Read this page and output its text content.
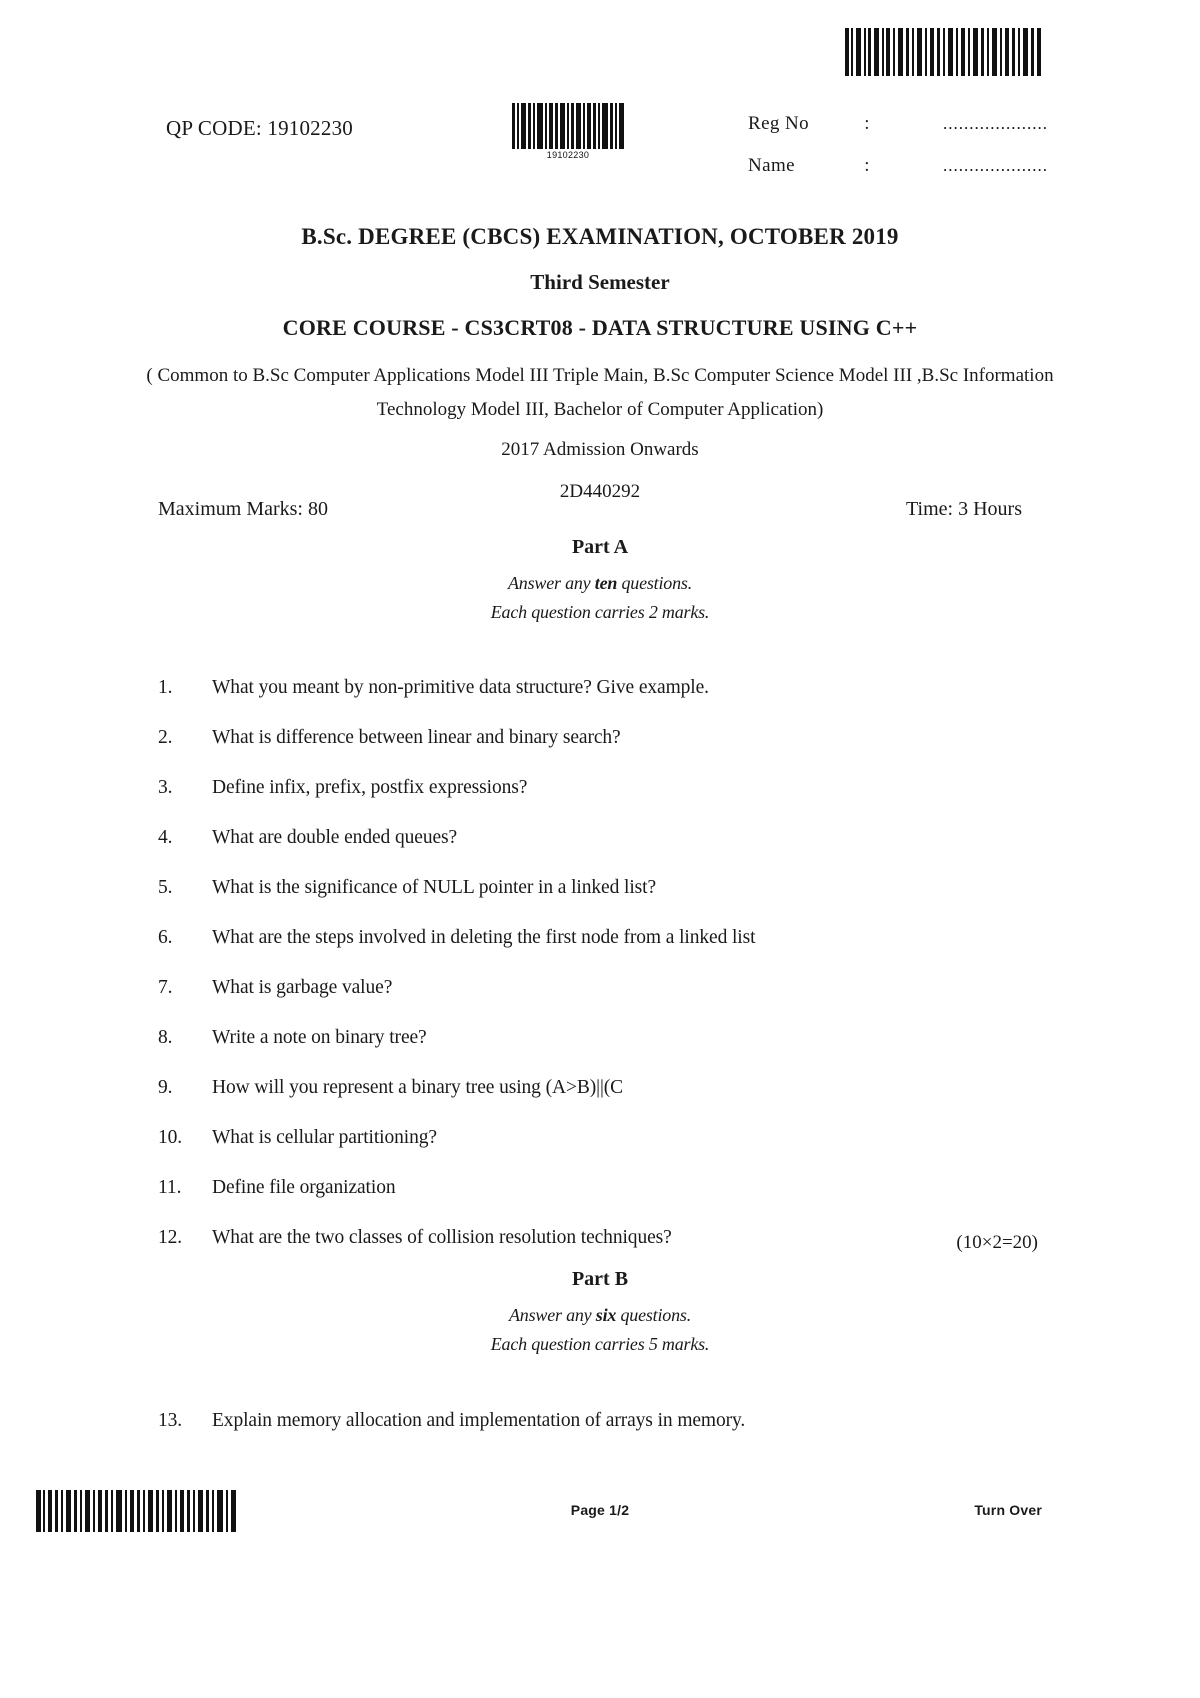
19102230
QP CODE: 19102230	Reg No	:	....................
Name	:	....................
B.Sc. DEGREE (CBCS) EXAMINATION, OCTOBER 2019
Third Semester
CORE COURSE - CS3CRT08 - DATA STRUCTURE USING C++
( Common to B.Sc Computer Applications Model III Triple Main, B.Sc Computer Science Model III ,B.Sc Information Technology Model III, Bachelor of Computer Application)
2017 Admission Onwards
2D440292
Maximum Marks: 80	Time: 3 Hours
Part A
Answer any ten questions.
Each question carries 2 marks.
1.	What you meant by non-primitive data structure? Give example.
2.	What is difference between linear and binary search?
3.	Define infix, prefix, postfix expressions?
4.	What are double ended queues?
5.	What is the significance of NULL pointer in a linked list?
6.	What are the steps involved in deleting the first node from a linked list
7.	What is garbage value?
8.	Write a note on binary tree?
9.	How will you represent a binary tree using (A>B)||(C
10.	What is cellular partitioning?
11.	Define file organization
12.	What are the two classes of collision resolution techniques?	(10×2=20)
Part B
Answer any six questions.
Each question carries 5 marks.
13.	Explain memory allocation and implementation of arrays in memory.
Page 1/2	Turn Over
